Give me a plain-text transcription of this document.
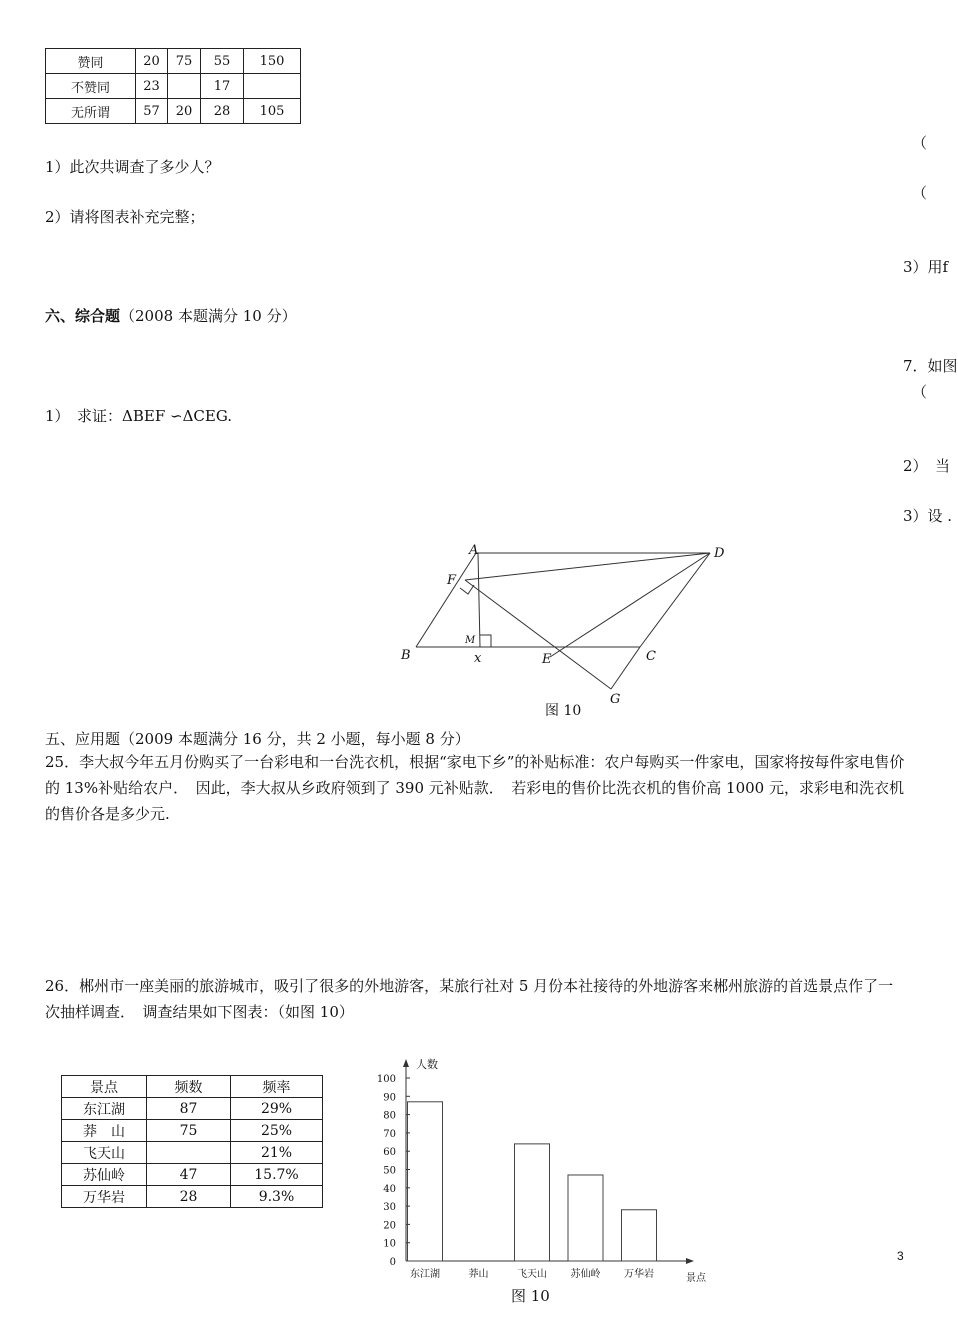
赞同	20	75	55	150
不赞同	23		17	
无所谓	57	20	28	105
1）此次共调查了多少人？
2）请将图表补充完整；
六、综合题（2008 本题满分 10 分）
1）　求证：ΔBEF ∽ΔCEG.
（
（
3）用f
7．如图
（
2）　当
3）设 .
A	D
F
M
B	x	E	C
G
图 10
五、应用题（2009 本题满分 16 分，共 2 小题，每小题 8 分）
25．李大叔今年五月份购买了一台彩电和一台洗衣机，根据“家电下乡”的补贴标准：农户每购买一件家电，国家将按每件家电售价的 13%补贴给农户．　因此，李大叔从乡政府领到了 390 元补贴款．　若彩电的售价比洗衣机的售价高 1000 元，求彩电和洗衣机的售价各是多少元.
26．郴州市一座美丽的旅游城市，吸引了很多的外地游客，某旅行社对 5 月份本社接待的外地游客来郴州旅游的首选景点作了一次抽样调查．　调查结果如下图表：（如图 10）
景点	频数	频率
东江湖	87	29%
莽　山	75	25%
飞天山		21%
苏仙岭	47	15.7%
万华岩	28	9.3%
0
10
20
30
40
50
60
70
80
90
100
人数
东江湖	莽山	飞天山 苏仙岭 万华岩	景点
图 10
3
